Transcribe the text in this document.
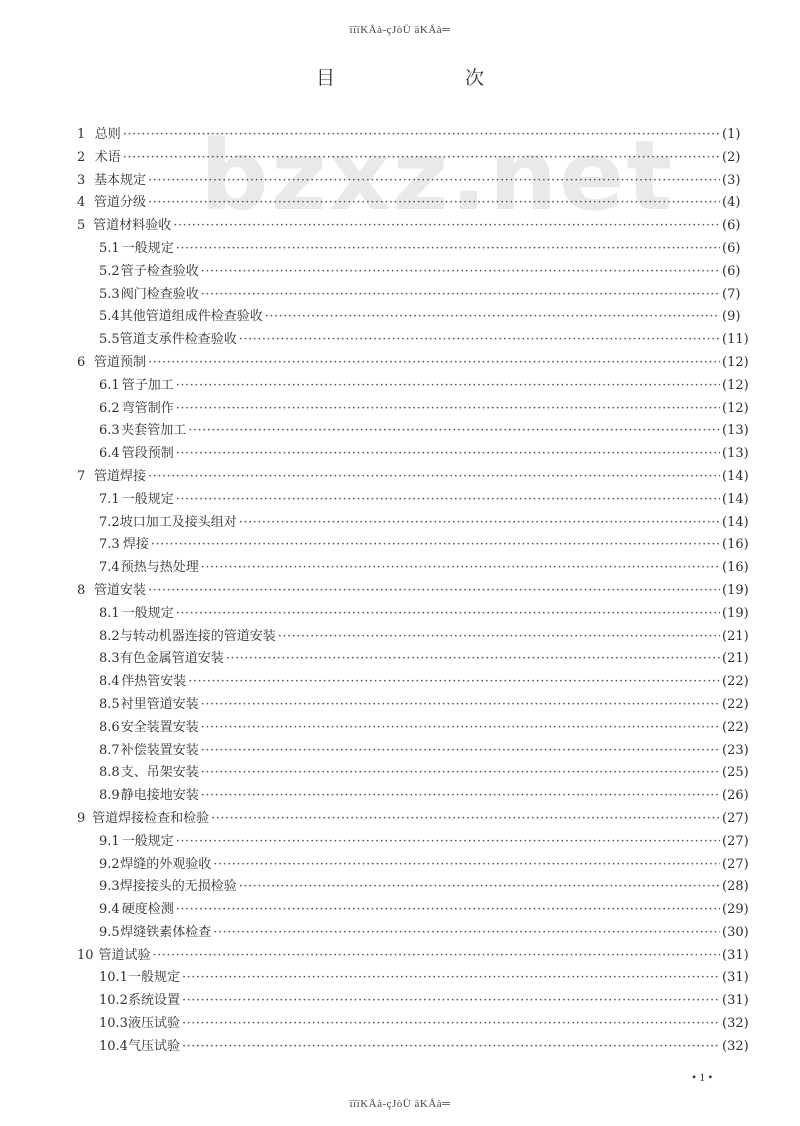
ïïïKÅà-çJòÜ äKÅà═
目 次
bzxz.net
1 总则 ·····	(1)
2 术语 ·····	(2)
3 基本规定 ·····	(3)
4 管道分级 ·····	(4)
5 管道材料验收 ·····	(6)
5.1 一般规定 ·····	(6)
5.2 管子检查验收 ·····	(6)
5.3 阀门检查验收 ·····	(7)
5.4 其他管道组成件检查验收 ·····	(9)
5.5 管道支承件检查验收 ·····	(11)
6 管道预制 ·····	(12)
6.1 管子加工 ·····	(12)
6.2 弯管制作 ·····	(12)
6.3 夹套管加工 ·····	(13)
6.4 管段预制 ·····	(13)
7 管道焊接 ·····	(14)
7.1 一般规定 ·····	(14)
7.2 坡口加工及接头组对 ·····	(14)
7.3 焊接 ·····	(16)
7.4 预热与热处理 ·····	(16)
8 管道安装 ·····	(19)
8.1 一般规定 ·····	(19)
8.2 与转动机器连接的管道安装 ·····	(21)
8.3 有色金属管道安装 ·····	(21)
8.4 伴热管安装 ·····	(22)
8.5 衬里管道安装 ·····	(22)
8.6 安全装置安装 ·····	(22)
8.7 补偿装置安装 ·····	(23)
8.8 支、吊架安装 ·····	(25)
8.9 静电接地安装 ·····	(26)
9 管道焊接检查和检验 ·····	(27)
9.1 一般规定 ·····	(27)
9.2 焊缝的外观验收 ·····	(27)
9.3 焊接接头的无损检验 ·····	(28)
9.4 硬度检测 ·····	(29)
9.5 焊缝铁素体检查 ·····	(30)
10 管道试验 ·····	(31)
10.1 一般规定 ·····	(31)
10.2 系统设置 ·····	(31)
10.3 液压试验 ·····	(32)
10.4 气压试验 ·····	(32)
• 1 •
ïïïKÅà-çJòÜ äKÅà═
